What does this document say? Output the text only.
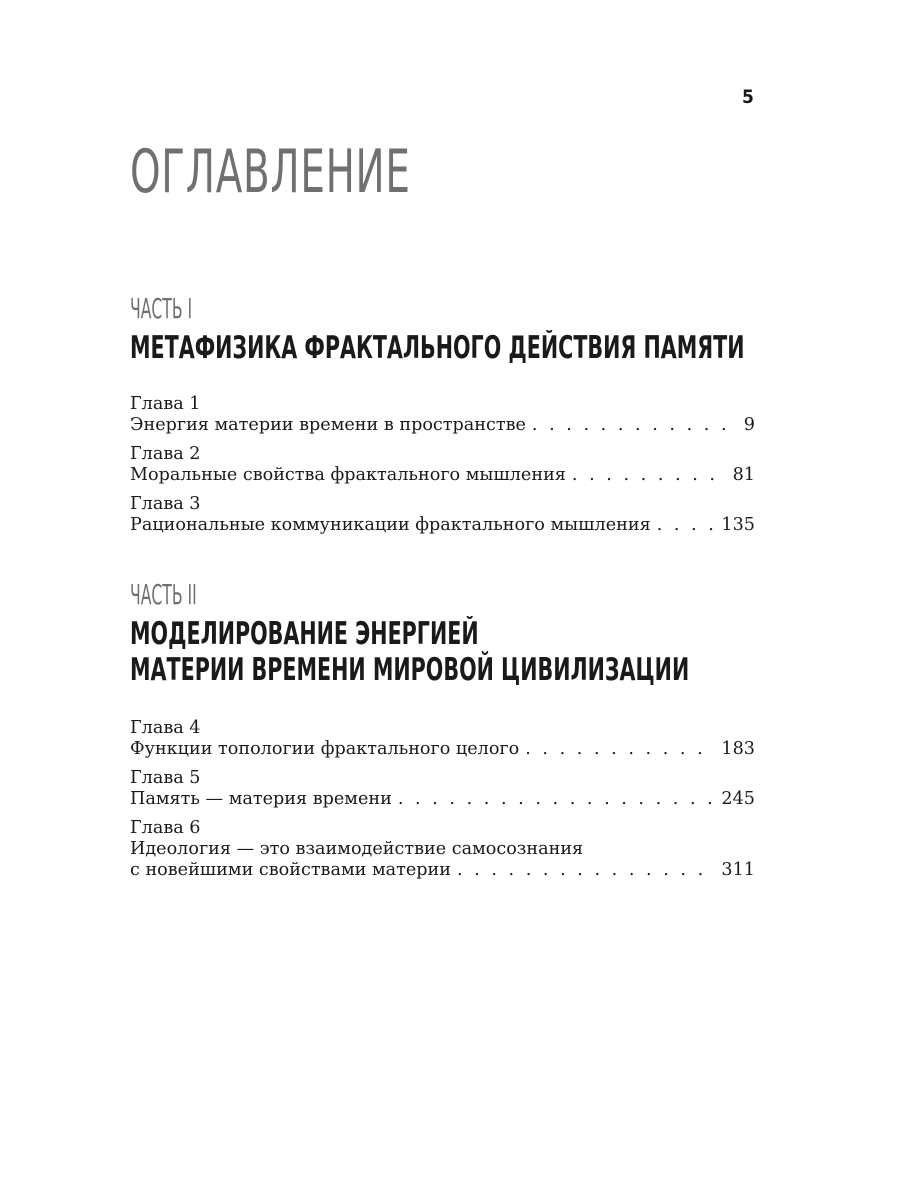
5
ОГЛАВЛЕНИЕ
ЧАСТЬ I
МЕТАФИЗИКА ФРАКТАЛЬНОГО ДЕЙСТВИЯ ПАМЯТИ
Глава 1
Энергия материи времени в пространстве . . .	9
Глава 2
Моральные свойства фрактального мышления . . .	81
Глава 3
Рациональные коммуникации фрактального мышления . . .	135
ЧАСТЬ II
МОДЕЛИРОВАНИЕ ЭНЕРГИЕЙ
МАТЕРИИ ВРЕМЕНИ МИРОВОЙ ЦИВИЛИЗАЦИИ
Глава 4
Функции топологии фрактального целого . . .	183
Глава 5
Память — материя времени . . .	245
Глава 6
Идеология — это взаимодействие самосознания
с новейшими свойствами материи . . .	311
